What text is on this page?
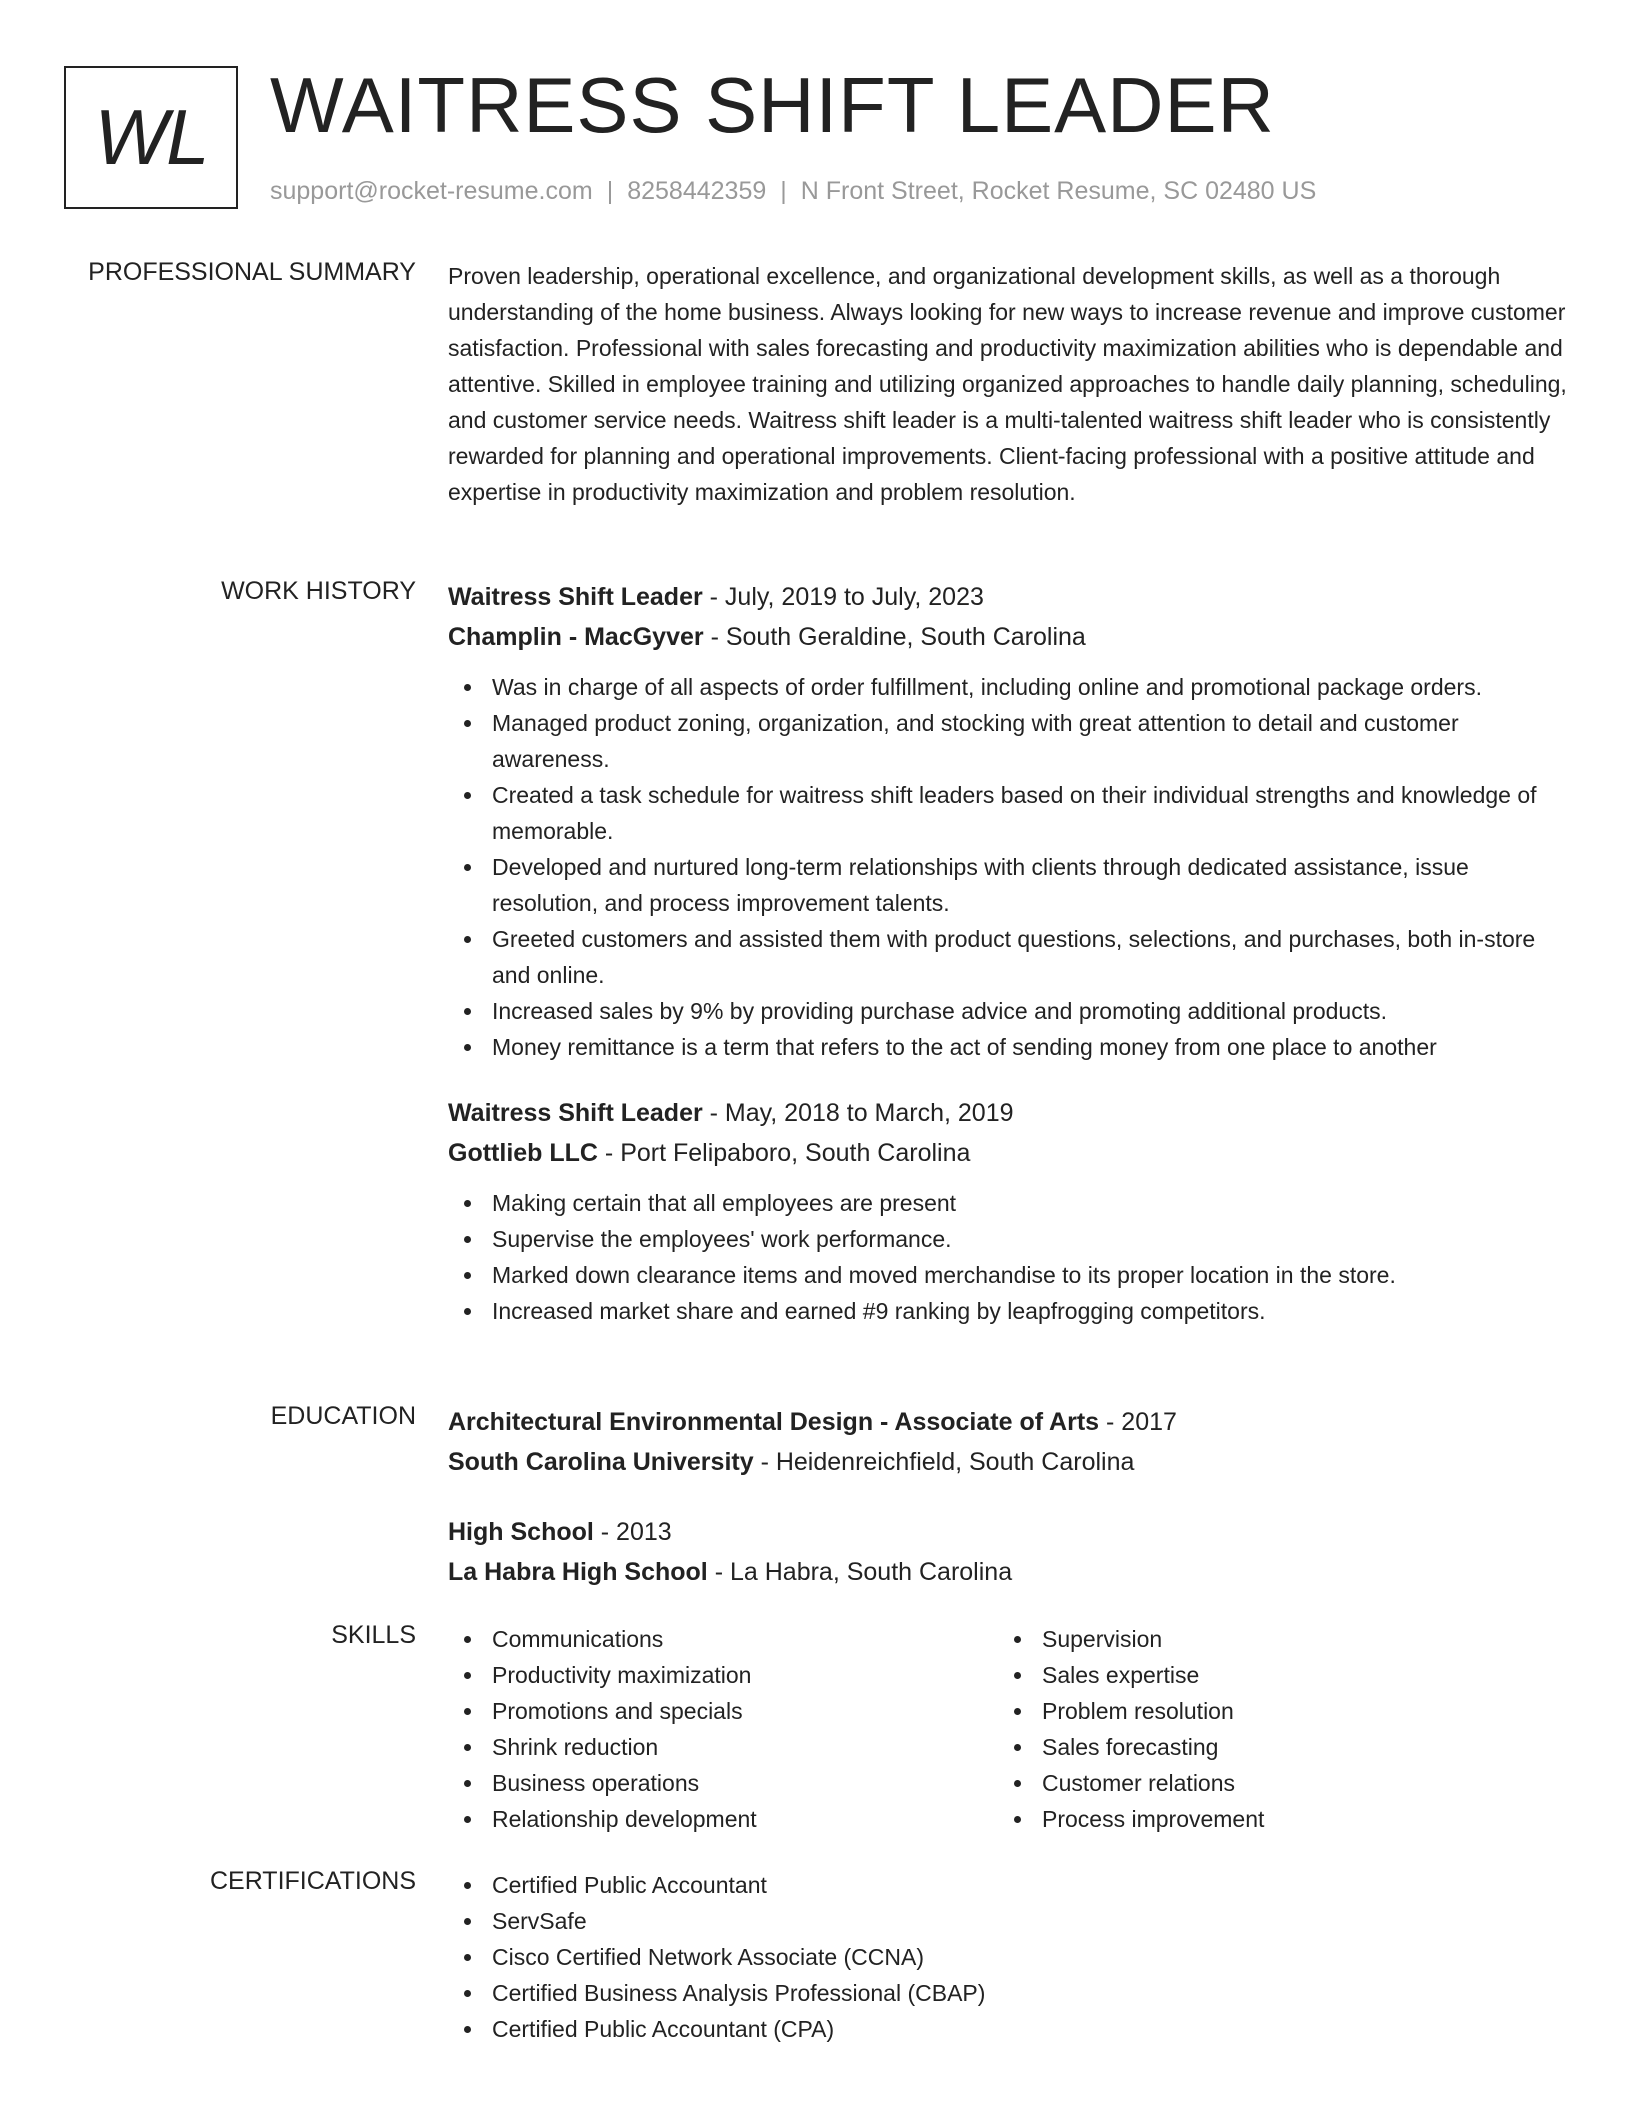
WL WAITRESS SHIFT LEADER
support@rocket-resume.com | 8258442359 | N Front Street, Rocket Resume, SC 02480 US
PROFESSIONAL SUMMARY Proven leadership, operational excellence, and organizational development skills, as well as a thorough understanding of the home business. Always looking for new ways to increase revenue and improve customer satisfaction. Professional with sales forecasting and productivity maximization abilities who is dependable and attentive. Skilled in employee training and utilizing organized approaches to handle daily planning, scheduling, and customer service needs. Waitress shift leader is a multi-talented waitress shift leader who is consistently rewarded for planning and operational improvements. Client-facing professional with a positive attitude and expertise in productivity maximization and problem resolution.

WORK HISTORY Waitress Shift Leader - July, 2019 to July, 2023
Champlin - MacGyver - South Geraldine, South Carolina
Was in charge of all aspects of order fulfillment, including online and promotional package orders.
Managed product zoning, organization, and stocking with great attention to detail and customer awareness.
Created a task schedule for waitress shift leaders based on their individual strengths and knowledge of memorable.
Developed and nurtured long-term relationships with clients through dedicated assistance, issue resolution, and process improvement talents.
Greeted customers and assisted them with product questions, selections, and purchases, both in-store and online.
Increased sales by 9% by providing purchase advice and promoting additional products.
Money remittance is a term that refers to the act of sending money from one place to another
Waitress Shift Leader - May, 2018 to March, 2019
Gottlieb LLC - Port Felipaboro, South Carolina
Making certain that all employees are present
Supervise the employees' work performance.
Marked down clearance items and moved merchandise to its proper location in the store.
Increased market share and earned #9 ranking by leapfrogging competitors.
EDUCATION Architectural Environmental Design - Associate of Arts - 2017
South Carolina University - Heidenreichfield, South Carolina
High School - 2013
La Habra High School - La Habra, South Carolina
SKILLS	Communications
Productivity maximization
Promotions and specials
Shrink reduction
Business operations
Relationship development
Supervision
Sales expertise
Problem resolution
Sales forecasting
Customer relations
Process improvement
CERTIFICATIONS	Certified Public Accountant
ServSafe
Cisco Certified Network Associate (CCNA)
Certified Business Analysis Professional (CBAP)
Certified Public Accountant (CPA)
